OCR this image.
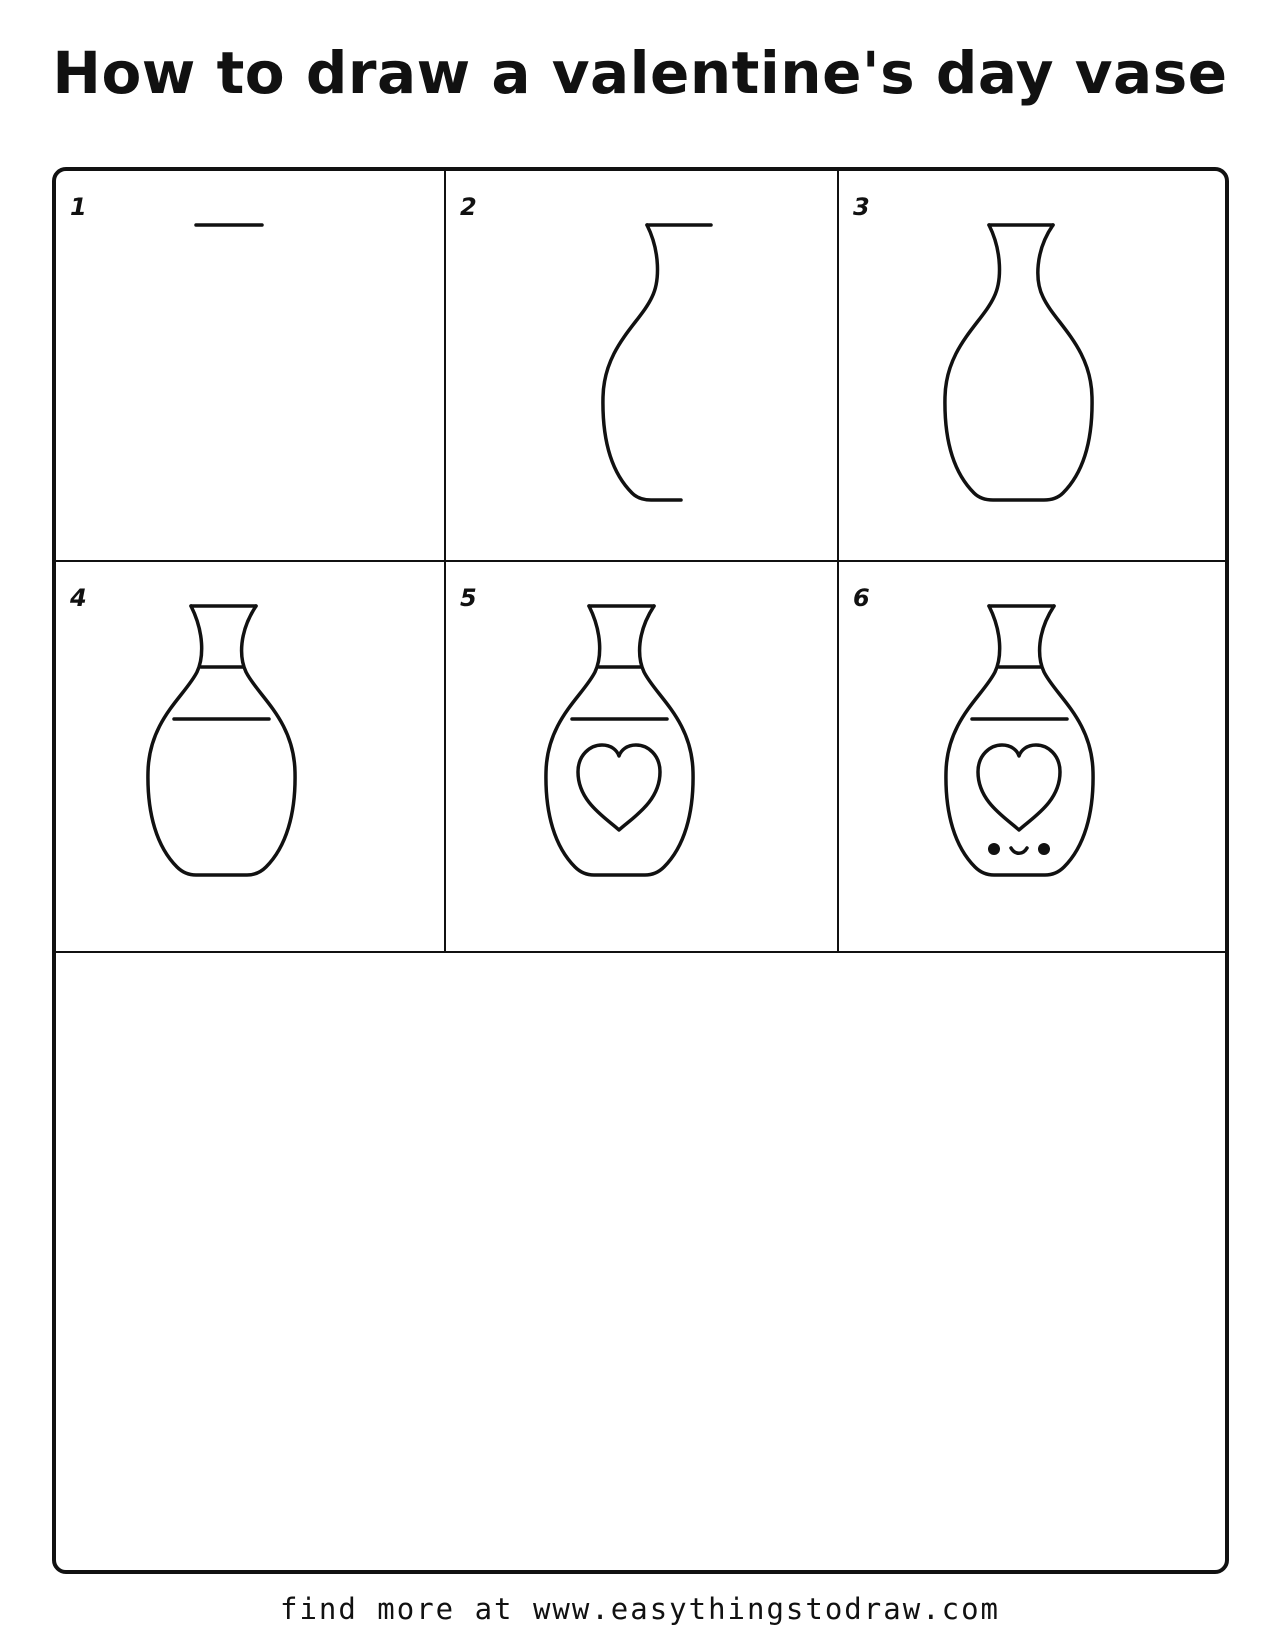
How to draw a valentine's day vase
1	2	3
4	5	6
find more at www.easythingstodraw.com
